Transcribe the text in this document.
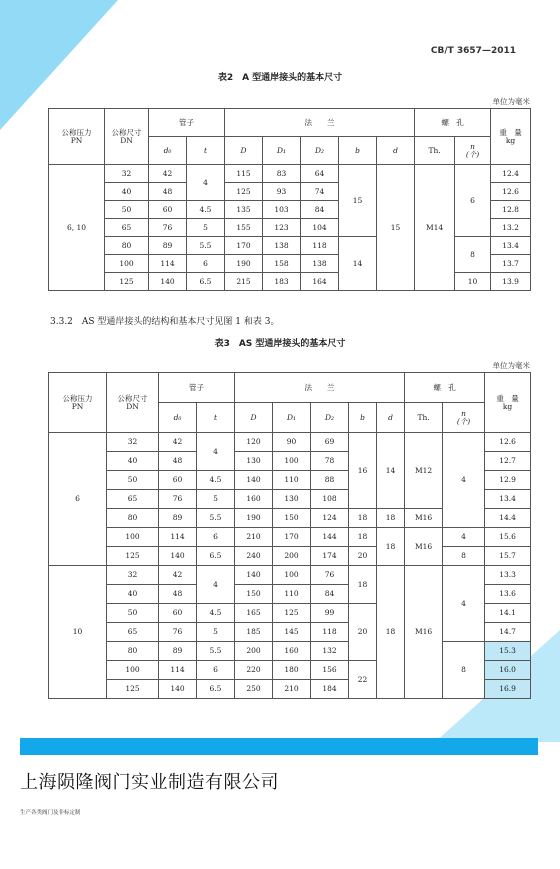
CB/T 3657—2011
表2　A 型通岸接头的基本尺寸
单位为毫米
公称压力
PN	公称尺寸
DN	管子		法　　兰					螺　孔		重　量
kg
		d₀	t	D	D₁	D₂	b	d	Th.	n
(个)	
6, 10	32	42	4	115	83	64	15	15	M14	6	12.4
	40	48		125	93	74					12.6
	50	60	4.5	135	103	84					12.8
	65	76	5	155	123	104					13.2
	80	89	5.5	170	138	118	14			8	13.4
	100	114	6	190	158	138					13.7
	125	140	6.5	215	183	164				10	13.9
3.3.2　AS 型通岸接头的结构和基本尺寸见图 1 和表 3。
表3　AS 型通岸接头的基本尺寸
单位为毫米
公称压力
PN	公称尺寸
DN	管子		法　　兰					螺　孔		重　量
kg
		d₀	t	D	D₁	D₂	b	d	Th.	n
(个)	
6	32	42	4	120	90	69	16	14	M12	4	12.6
	40	48		130	100	78					12.7
	50	60	4.5	140	110	88					12.9
	65	76	5	160	130	108					13.4
	80	89	5.5	190	150	124	18	18	M16		14.4
	100	114	6	210	170	144	18	18	M16	4	15.6
	125	140	6.5	240	200	174	20			8	15.7
10	32	42	4	140	100	76	18	18	M16	4	13.3
	40	48		150	110	84					13.6
	50	60	4.5	165	125	99	20				14.1
	65	76	5	185	145	118					14.7
	80	89	5.5	200	160	132				8	15.3
	100	114	6	220	180	156	22				16.0
	125	140	6.5	250	210	184					16.9
上海陨隆阀门实业制造有限公司
生产各类阀门及非标定制
